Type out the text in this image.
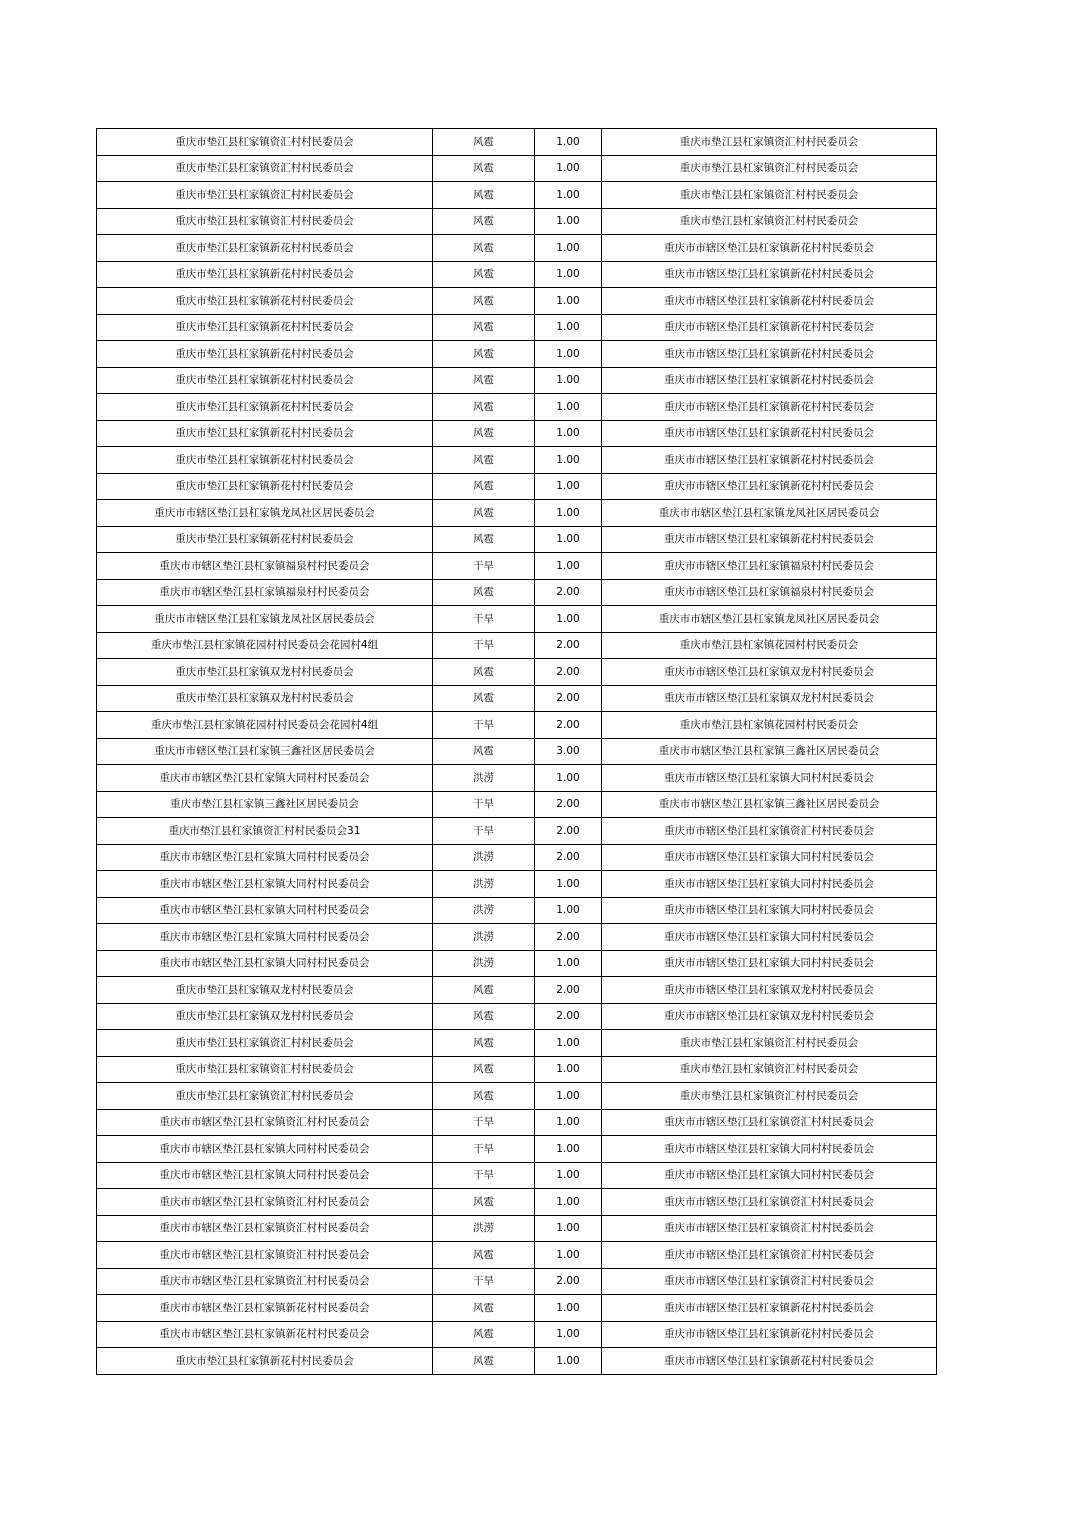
重庆市垫江县杠家镇资汇村村民委员会	风雹	1.00	重庆市垫江县杠家镇资汇村村民委员会
重庆市垫江县杠家镇资汇村村民委员会	风雹	1.00	重庆市垫江县杠家镇资汇村村民委员会
重庆市垫江县杠家镇资汇村村民委员会	风雹	1.00	重庆市垫江县杠家镇资汇村村民委员会
重庆市垫江县杠家镇资汇村村民委员会	风雹	1.00	重庆市垫江县杠家镇资汇村村民委员会
重庆市垫江县杠家镇新花村村民委员会	风雹	1.00	重庆市市辖区垫江县杠家镇新花村村民委员会
重庆市垫江县杠家镇新花村村民委员会	风雹	1.00	重庆市市辖区垫江县杠家镇新花村村民委员会
重庆市垫江县杠家镇新花村村民委员会	风雹	1.00	重庆市市辖区垫江县杠家镇新花村村民委员会
重庆市垫江县杠家镇新花村村民委员会	风雹	1.00	重庆市市辖区垫江县杠家镇新花村村民委员会
重庆市垫江县杠家镇新花村村民委员会	风雹	1.00	重庆市市辖区垫江县杠家镇新花村村民委员会
重庆市垫江县杠家镇新花村村民委员会	风雹	1.00	重庆市市辖区垫江县杠家镇新花村村民委员会
重庆市垫江县杠家镇新花村村民委员会	风雹	1.00	重庆市市辖区垫江县杠家镇新花村村民委员会
重庆市垫江县杠家镇新花村村民委员会	风雹	1.00	重庆市市辖区垫江县杠家镇新花村村民委员会
重庆市垫江县杠家镇新花村村民委员会	风雹	1.00	重庆市市辖区垫江县杠家镇新花村村民委员会
重庆市垫江县杠家镇新花村村民委员会	风雹	1.00	重庆市市辖区垫江县杠家镇新花村村民委员会
重庆市市辖区垫江县杠家镇龙凤社区居民委员会	风雹	1.00	重庆市市辖区垫江县杠家镇龙凤社区居民委员会
重庆市垫江县杠家镇新花村村民委员会	风雹	1.00	重庆市市辖区垫江县杠家镇新花村村民委员会
重庆市市辖区垫江县杠家镇福泉村村民委员会	干旱	1.00	重庆市市辖区垫江县杠家镇福泉村村民委员会
重庆市市辖区垫江县杠家镇福泉村村民委员会	风雹	2.00	重庆市市辖区垫江县杠家镇福泉村村民委员会
重庆市市辖区垫江县杠家镇龙凤社区居民委员会	干旱	1.00	重庆市市辖区垫江县杠家镇龙凤社区居民委员会
重庆市垫江县杠家镇花园村村民委员会花园村4组	干旱	2.00	重庆市垫江县杠家镇花园村村民委员会
重庆市垫江县杠家镇双龙村村民委员会	风雹	2.00	重庆市市辖区垫江县杠家镇双龙村村民委员会
重庆市垫江县杠家镇双龙村村民委员会	风雹	2.00	重庆市市辖区垫江县杠家镇双龙村村民委员会
重庆市垫江县杠家镇花园村村民委员会花园村4组	干旱	2.00	重庆市垫江县杠家镇花园村村民委员会
重庆市市辖区垫江县杠家镇三鑫社区居民委员会	风雹	3.00	重庆市市辖区垫江县杠家镇三鑫社区居民委员会
重庆市市辖区垫江县杠家镇大同村村民委员会	洪涝	1.00	重庆市市辖区垫江县杠家镇大同村村民委员会
重庆市垫江县杠家镇三鑫社区居民委员会	干旱	2.00	重庆市市辖区垫江县杠家镇三鑫社区居民委员会
重庆市垫江县杠家镇资汇村村民委员会31	干旱	2.00	重庆市市辖区垫江县杠家镇资汇村村民委员会
重庆市市辖区垫江县杠家镇大同村村民委员会	洪涝	2.00	重庆市市辖区垫江县杠家镇大同村村民委员会
重庆市市辖区垫江县杠家镇大同村村民委员会	洪涝	1.00	重庆市市辖区垫江县杠家镇大同村村民委员会
重庆市市辖区垫江县杠家镇大同村村民委员会	洪涝	1.00	重庆市市辖区垫江县杠家镇大同村村民委员会
重庆市市辖区垫江县杠家镇大同村村民委员会	洪涝	2.00	重庆市市辖区垫江县杠家镇大同村村民委员会
重庆市市辖区垫江县杠家镇大同村村民委员会	洪涝	1.00	重庆市市辖区垫江县杠家镇大同村村民委员会
重庆市垫江县杠家镇双龙村村民委员会	风雹	2.00	重庆市市辖区垫江县杠家镇双龙村村民委员会
重庆市垫江县杠家镇双龙村村民委员会	风雹	2.00	重庆市市辖区垫江县杠家镇双龙村村民委员会
重庆市垫江县杠家镇资汇村村民委员会	风雹	1.00	重庆市垫江县杠家镇资汇村村民委员会
重庆市垫江县杠家镇资汇村村民委员会	风雹	1.00	重庆市垫江县杠家镇资汇村村民委员会
重庆市垫江县杠家镇资汇村村民委员会	风雹	1.00	重庆市垫江县杠家镇资汇村村民委员会
重庆市市辖区垫江县杠家镇资汇村村民委员会	干旱	1.00	重庆市市辖区垫江县杠家镇资汇村村民委员会
重庆市市辖区垫江县杠家镇大同村村民委员会	干旱	1.00	重庆市市辖区垫江县杠家镇大同村村民委员会
重庆市市辖区垫江县杠家镇大同村村民委员会	干旱	1.00	重庆市市辖区垫江县杠家镇大同村村民委员会
重庆市市辖区垫江县杠家镇资汇村村民委员会	风雹	1.00	重庆市市辖区垫江县杠家镇资汇村村民委员会
重庆市市辖区垫江县杠家镇资汇村村民委员会	洪涝	1.00	重庆市市辖区垫江县杠家镇资汇村村民委员会
重庆市市辖区垫江县杠家镇资汇村村民委员会	风雹	1.00	重庆市市辖区垫江县杠家镇资汇村村民委员会
重庆市市辖区垫江县杠家镇资汇村村民委员会	干旱	2.00	重庆市市辖区垫江县杠家镇资汇村村民委员会
重庆市市辖区垫江县杠家镇新花村村民委员会	风雹	1.00	重庆市市辖区垫江县杠家镇新花村村民委员会
重庆市市辖区垫江县杠家镇新花村村民委员会	风雹	1.00	重庆市市辖区垫江县杠家镇新花村村民委员会
重庆市垫江县杠家镇新花村村民委员会	风雹	1.00	重庆市市辖区垫江县杠家镇新花村村民委员会
